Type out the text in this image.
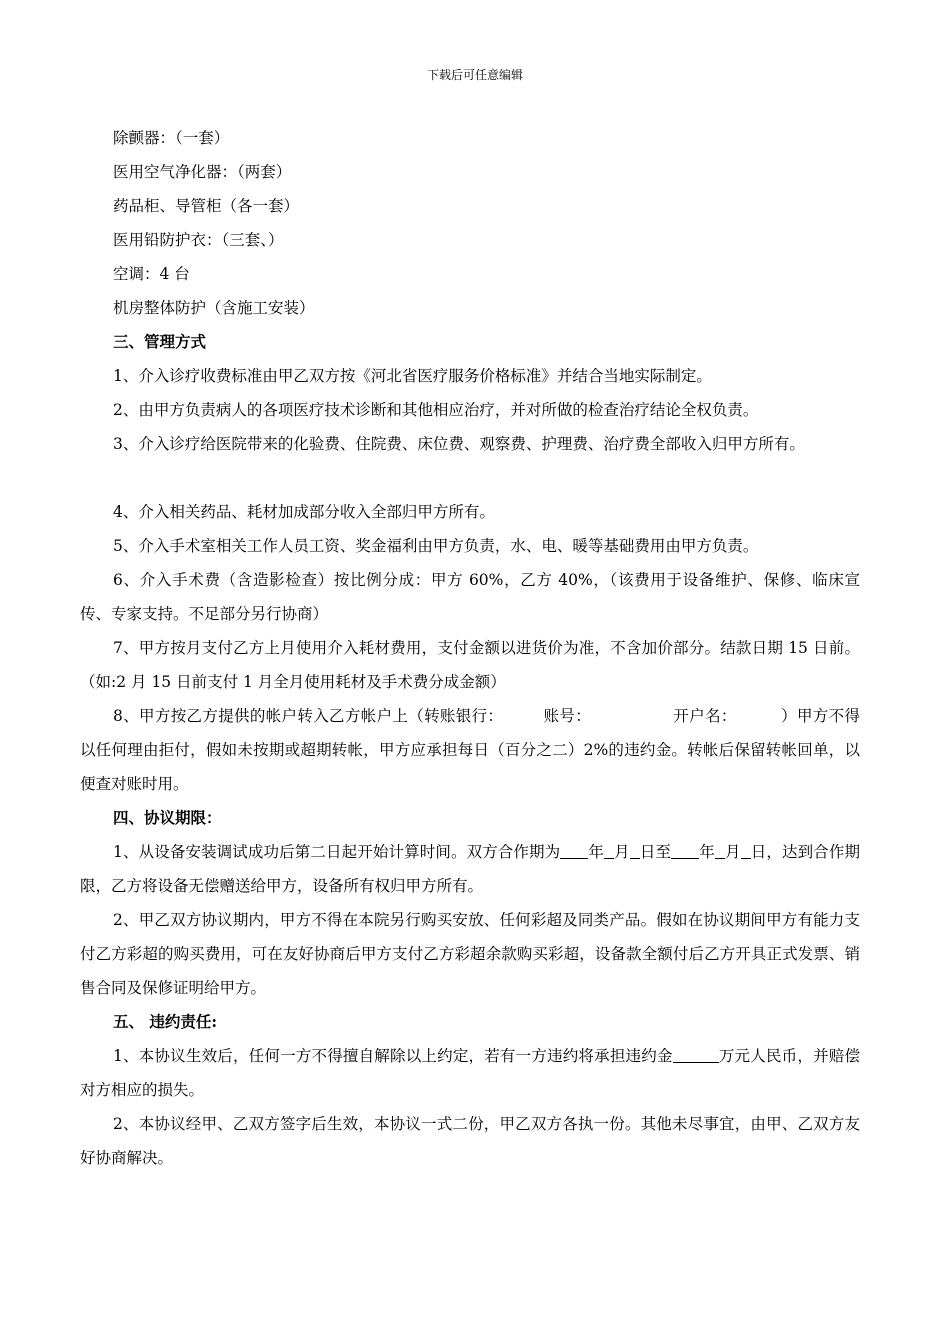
下载后可任意编辑

除颤器：（一套）

医用空气净化器：（两套）

药品柜、导管柜（各一套）

医用铅防护衣：（三套、）

空调：4 台

机房整体防护（含施工安装）

三、管理方式

1、介入诊疗收费标准由甲乙双方按《河北省医疗服务价格标准》并结合当地实际制定。

2、由甲方负责病人的各项医疗技术诊断和其他相应治疗，并对所做的检查治疗结论全权负责。

3、介入诊疗给医院带来的化验费、住院费、床位费、观察费、护理费、治疗费全部收入归甲方所有。

4、介入相关药品、耗材加成部分收入全部归甲方所有。

5、介入手术室相关工作人员工资、奖金福利由甲方负责，水、电、暖等基础费用由甲方负责。

6、介入手术费（含造影检查）按比例分成：甲方 60%，乙方 40%，（该费用于设备维护、保修、临床宣传、专家支持。不足部分另行协商）

7、甲方按月支付乙方上月使用介入耗材费用，支付金额以进货价为准，不含加价部分。结款日期 15 日前。（如:2 月 15 日前支付 1 月全月使用耗材及手术费分成金额）

8、甲方按乙方提供的帐户转入乙方帐户上（转账银行：	账号：	开户名：	）甲方不得以任何理由拒付，假如未按期或超期转帐，甲方应承担每日（百分之二）2%的违约金。转帐后保留转帐回单，以便查对账时用。

四、协议期限：

1、从设备安装调试成功后第二日起开始计算时间。双方合作期为 年 月 日至 年 月 日，达到合作期限，乙方将设备无偿赠送给甲方，设备所有权归甲方所有。

2、甲乙双方协议期内，甲方不得在本院另行购买安放、任何彩超及同类产品。假如在协议期间甲方有能力支付乙方彩超的购买费用，可在友好协商后甲方支付乙方彩超余款购买彩超，设备款全额付后乙方开具正式发票、销售合同及保修证明给甲方。

五、 违约责任:

1、本协议生效后，任何一方不得擅自解除以上约定，若有一方违约将承担违约金	万元人民币，并赔偿对方相应的损失。

2、本协议经甲、乙双方签字后生效，本协议一式二份，甲乙双方各执一份。其他未尽事宜，由甲、乙双方友好协商解决。
